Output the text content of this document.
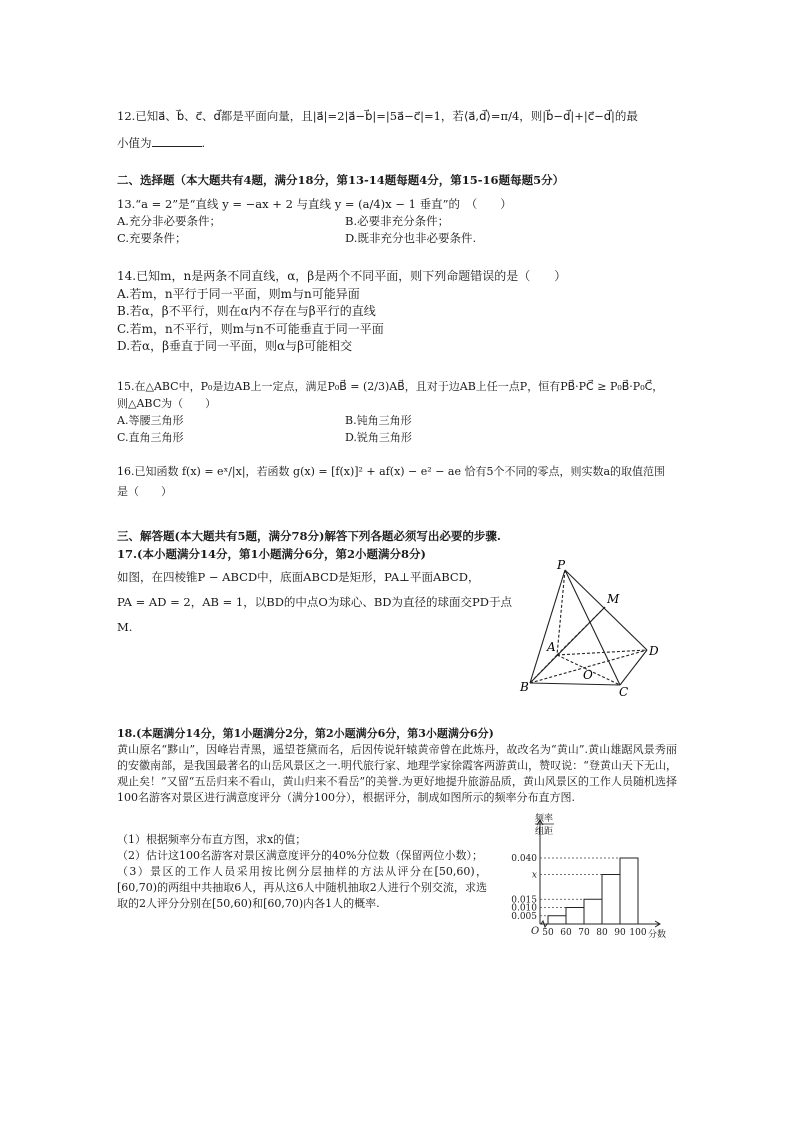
12.已知a⃗、b⃗、c⃗、d⃗都是平面向量，且|a⃗|=2|a⃗−b⃗|=|5a⃗−c⃗|=1，若⟨a⃗,d⃗⟩=π/4，则|b⃗−d⃗|+|c⃗−d⃗|的最
小值为	.
二、选择题（本大题共有4题，满分18分，第13-14题每题4分，第15-16题每题5分）
13.“a = 2”是“直线 y = −ax + 2 与直线 y = (a/4)x − 1 垂直”的　（　　）
A.充分非必要条件；	B.必要非充分条件；
C.充要条件；	D.既非充分也非必要条件.
14.已知m，n是两条不同直线，α，β是两个不同平面，则下列命题错误的是（　　）
A.若m，n平行于同一平面，则m与n可能异面
B.若α，β不平行，则在α内不存在与β平行的直线
C.若m，n不平行，则m与n不可能垂直于同一平面
D.若α，β垂直于同一平面，则α与β可能相交
15.在△ABC中，P₀是边AB上一定点，满足P₀B⃗ = (2/3)AB⃗，且对于边AB上任一点P，恒有PB⃗·PC⃗ ≥ P₀B⃗·P₀C⃗，
则△ABC为（　　）
A.等腰三角形	B.钝角三角形
C.直角三角形	D.锐角三角形
16.已知函数 f(x) = eˣ/|x|，若函数 g(x) = [f(x)]² + af(x) − e² − ae 恰有5个不同的零点，则实数a的取值范围
是（　　）
三、解答题(本大题共有5题，满分78分)解答下列各题必须写出必要的步骤.
17.(本小题满分14分，第1小题满分6分，第2小题满分8分)
如图，在四棱锥P − ABCD中，底面ABCD是矩形，PA⊥平面ABCD，
PA = AD = 2，AB = 1，以BD的中点O为球心、BD为直径的球面交PD于点
M.
P
M
A	D
O
B	C
18.(本题满分14分，第1小题满分2分，第2小题满分6分，第3小题满分6分)
黄山原名“黟山”，因峰岩青黑，遥望苍黛而名，后因传说轩辕黄帝曾在此炼丹，故改名为“黄山”.黄山雄踞风景秀丽的安徽南部，是我国最著名的山岳风景区之一.明代旅行家、地理学家徐霞客两游黄山，赞叹说：“登黄山天下无山，观止矣！”又留“五岳归来不看山，黄山归来不看岳”的美誉.为更好地提升旅游品质，黄山风景区的工作人员随机选择100名游客对景区进行满意度评分（满分100分），根据评分，制成如图所示的频率分布直方图.
（1）根据频率分布直方图，求x的值；
（2）估计这100名游客对景区满意度评分的40%分位数（保留两位小数）；
（3）景区的工作人员采用按比例分层抽样的方法从评分在[50,60)，[60,70)的两组中共抽取6人，再从这6人中随机抽取2人进行个别交流，求选取的2人评分分别在[50,60)和[60,70)内各1人的概率.
0.040
x
0.015
0.010
0.005
50 60 70 80 90 100
O	分数
频率
组距
